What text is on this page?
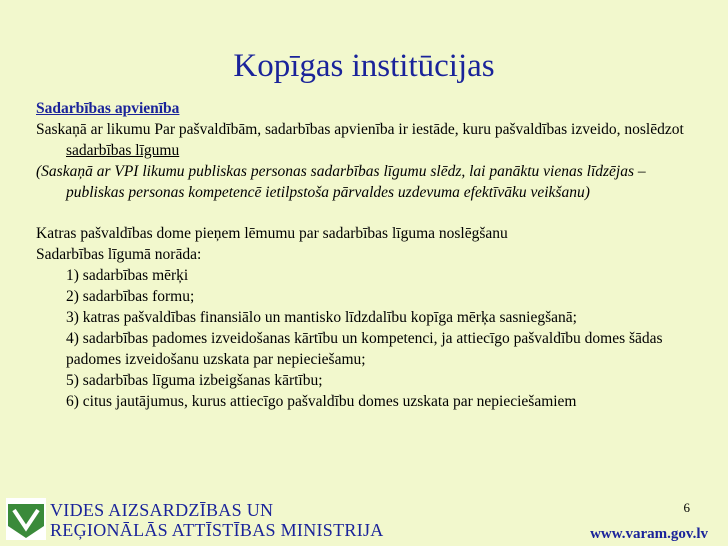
Kopīgas institūcijas
Sadarbības apvienība
Saskaņā ar likumu Par pašvaldībām, sadarbības apvienība ir iestāde, kuru pašvaldības izveido, noslēdzot sadarbības līgumu
(Saskaņā ar VPI likumu publiskas personas sadarbības līgumu slēdz, lai panāktu vienas līdzējas – publiskas personas kompetencē ietilpstoša pārvaldes uzdevuma efektīvāku veikšanu)
Katras pašvaldības dome pieņem lēmumu par sadarbības līguma noslēgšanu
Sadarbības līgumā norāda:
1) sadarbības mērķi
2) sadarbības formu;
3) katras pašvaldības finansiālo un mantisko līdzdalību kopīga mērķa sasniegšanā;
4) sadarbības padomes izveidošanas kārtību un kompetenci, ja attiecīgo pašvaldību domes šādas padomes izveidošanu uzskata par nepieciešamu;
5) sadarbības līguma izbeigšanas kārtību;
6) citus jautājumus, kurus attiecīgo pašvaldību domes uzskata par nepieciešamiem
6
VIDES AIZSARDZĪBAS UN
REĢIONĀLĀS ATTĪSTĪBAS MINISTRIJA	www.varam.gov.lv
